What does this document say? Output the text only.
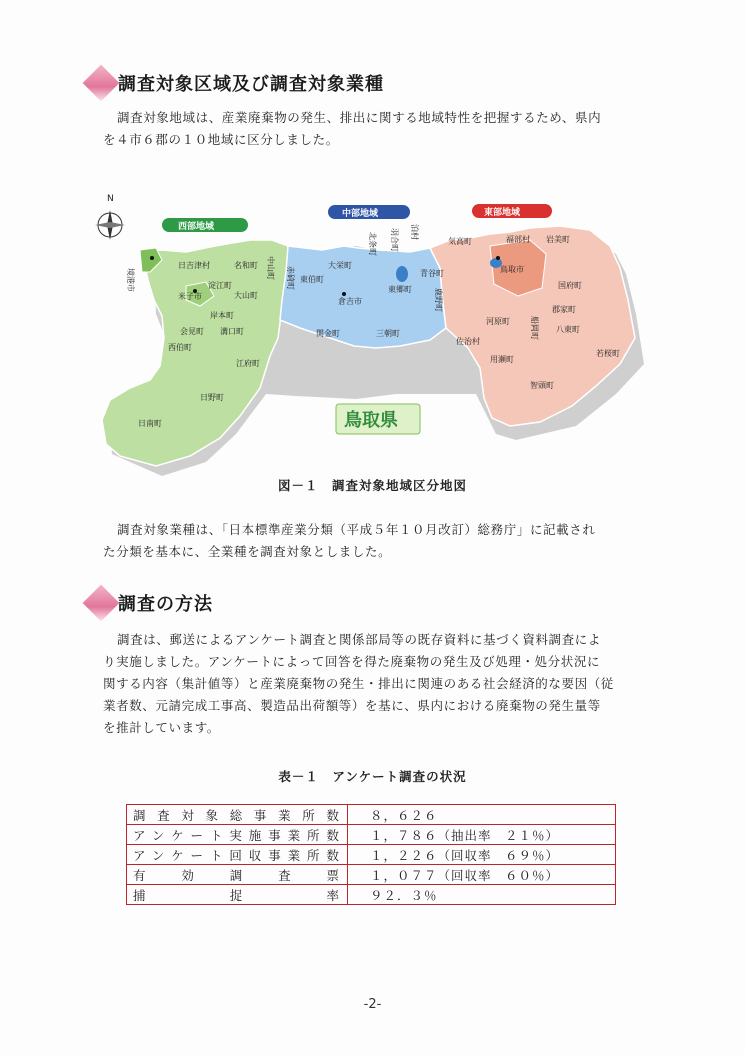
調査対象区域及び調査対象業種
調査対象地域は、産業廃棄物の発生、排出に関する地域特性を把握するため、県内
を４市６郡の１０地域に区分しました。
N
西部地域
中部地域	東部地域
境港市
日吉津村
淀江町
米子市	大山町
名和町 中山町
岸本町
会見町 溝口町
西伯町
江府町
日野町
日南町
赤碕町 東伯町
大栄町
北条町 羽合町 泊村
東郷町
倉吉市
関金町	三朝町
気高町
青谷町
鹿野町
福部村 岩美町
鳥取市
国府町
河原町	船岡町
郡家町
八東町
佐治村
用瀬町
若桜町
智頭町
鳥取県
図－１　調査対象地域区分地図
調査対象業種は、「日本標準産業分類（平成５年１０月改訂）総務庁」に記載され
た分類を基本に、全業種を調査対象としました。
調査の方法
調査は、郵送によるアンケート調査と関係部局等の既存資料に基づく資料調査によ
り実施しました。アンケートによって回答を得た廃棄物の発生及び処理・処分状況に
関する内容（集計値等）と産業廃棄物の発生・排出に関連のある社会経済的な要因（従
業者数、元請完成工事高、製造品出荷額等）を基に、県内における廃棄物の発生量等
を推計しています。
表－１　アンケート調査の状況
調査対象総事業所数	８，６２６
アンケート実施事業所数	１，７８６（抽出率　２１％）
アンケート回収事業所数	１，２２６（回収率　６９％）
有効調査票	１，０７７（回収率　６０％）
捕捉率	９２．３％
-2-
